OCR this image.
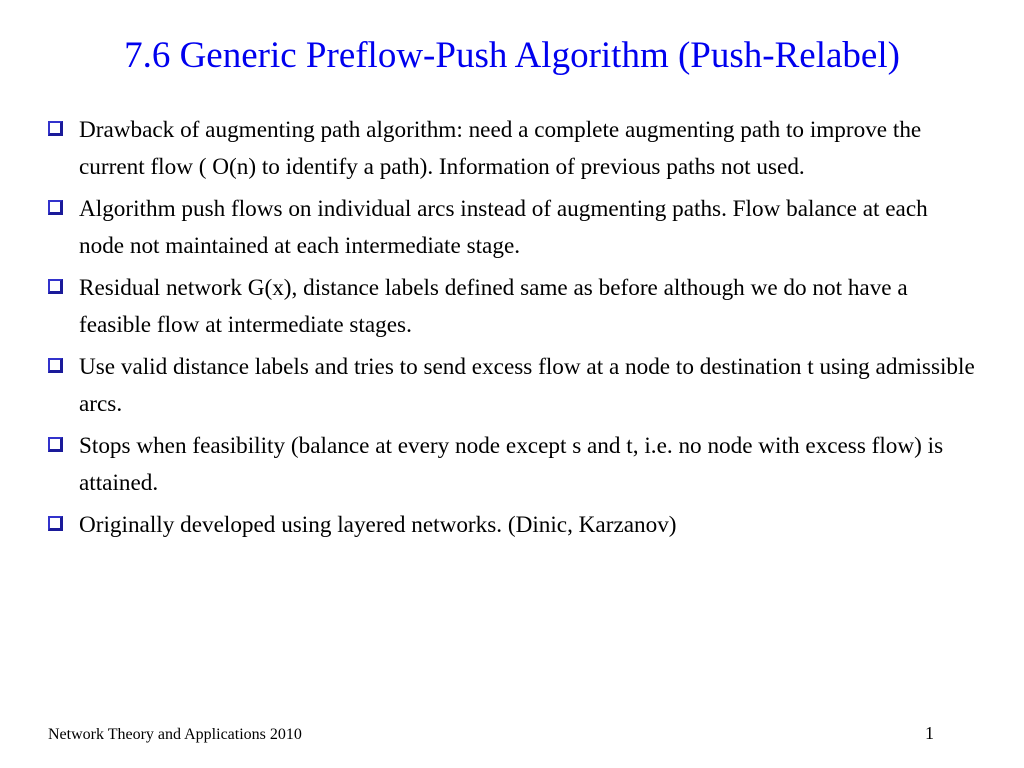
7.6 Generic Preflow-Push Algorithm (Push-Relabel)
Drawback of augmenting path algorithm: need a complete augmenting path to improve the current flow ( O(n) to identify a path). Information of previous paths not used.
Algorithm push flows on individual arcs instead of augmenting paths. Flow balance at each node not maintained at each intermediate stage.
Residual network G(x), distance labels defined same as before although we do not have a feasible flow at intermediate stages.
Use valid distance labels and tries to send excess flow at a node to destination t using admissible arcs.
Stops when feasibility (balance at every node except s and t, i.e. no node with excess flow) is attained.
Originally developed using layered networks. (Dinic, Karzanov)
Network Theory and Applications 2010	1
